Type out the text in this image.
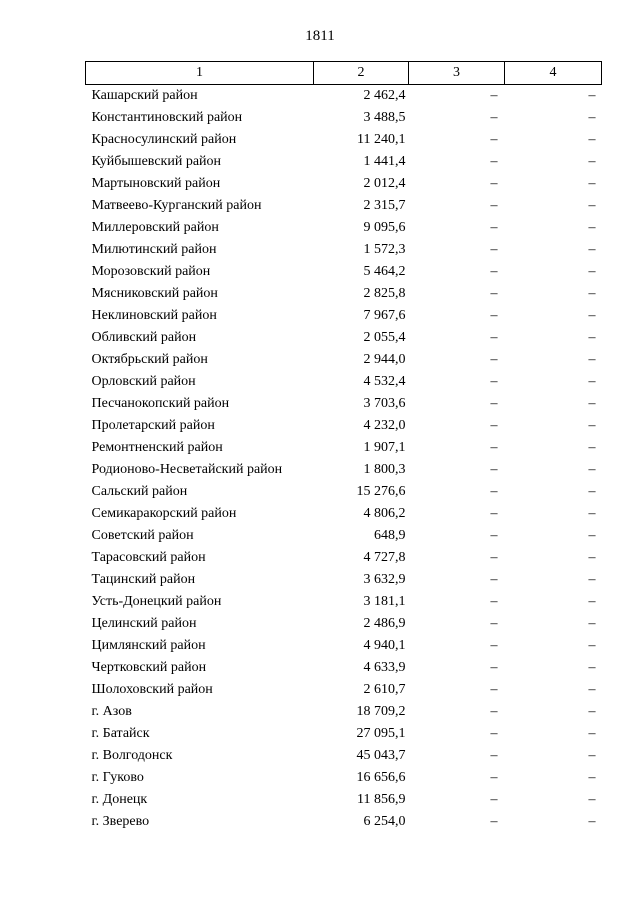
1811
1	2	3	4
Кашарский район	2 462,4	–	–
Константиновский район	3 488,5	–	–
Красносулинский район	11 240,1	–	–
Куйбышевский район	1 441,4	–	–
Мартыновский район	2 012,4	–	–
Матвеево-Курганский район	2 315,7	–	–
Миллеровский район	9 095,6	–	–
Милютинский район	1 572,3	–	–
Морозовский район	5 464,2	–	–
Мясниковский район	2 825,8	–	–
Неклиновский район	7 967,6	–	–
Обливский район	2 055,4	–	–
Октябрьский район	2 944,0	–	–
Орловский район	4 532,4	–	–
Песчанокопский район	3 703,6	–	–
Пролетарский район	4 232,0	–	–
Ремонтненский район	1 907,1	–	–
Родионово-Несветайский район	1 800,3	–	–
Сальский район	15 276,6	–	–
Семикаракорский район	4 806,2	–	–
Советский район	648,9	–	–
Тарасовский район	4 727,8	–	–
Тацинский район	3 632,9	–	–
Усть-Донецкий район	3 181,1	–	–
Целинский район	2 486,9	–	–
Цимлянский район	4 940,1	–	–
Чертковский район	4 633,9	–	–
Шолоховский район	2 610,7	–	–
г. Азов	18 709,2	–	–
г. Батайск	27 095,1	–	–
г. Волгодонск	45 043,7	–	–
г. Гуково	16 656,6	–	–
г. Донецк	11 856,9	–	–
г. Зверево	6 254,0	–	–
